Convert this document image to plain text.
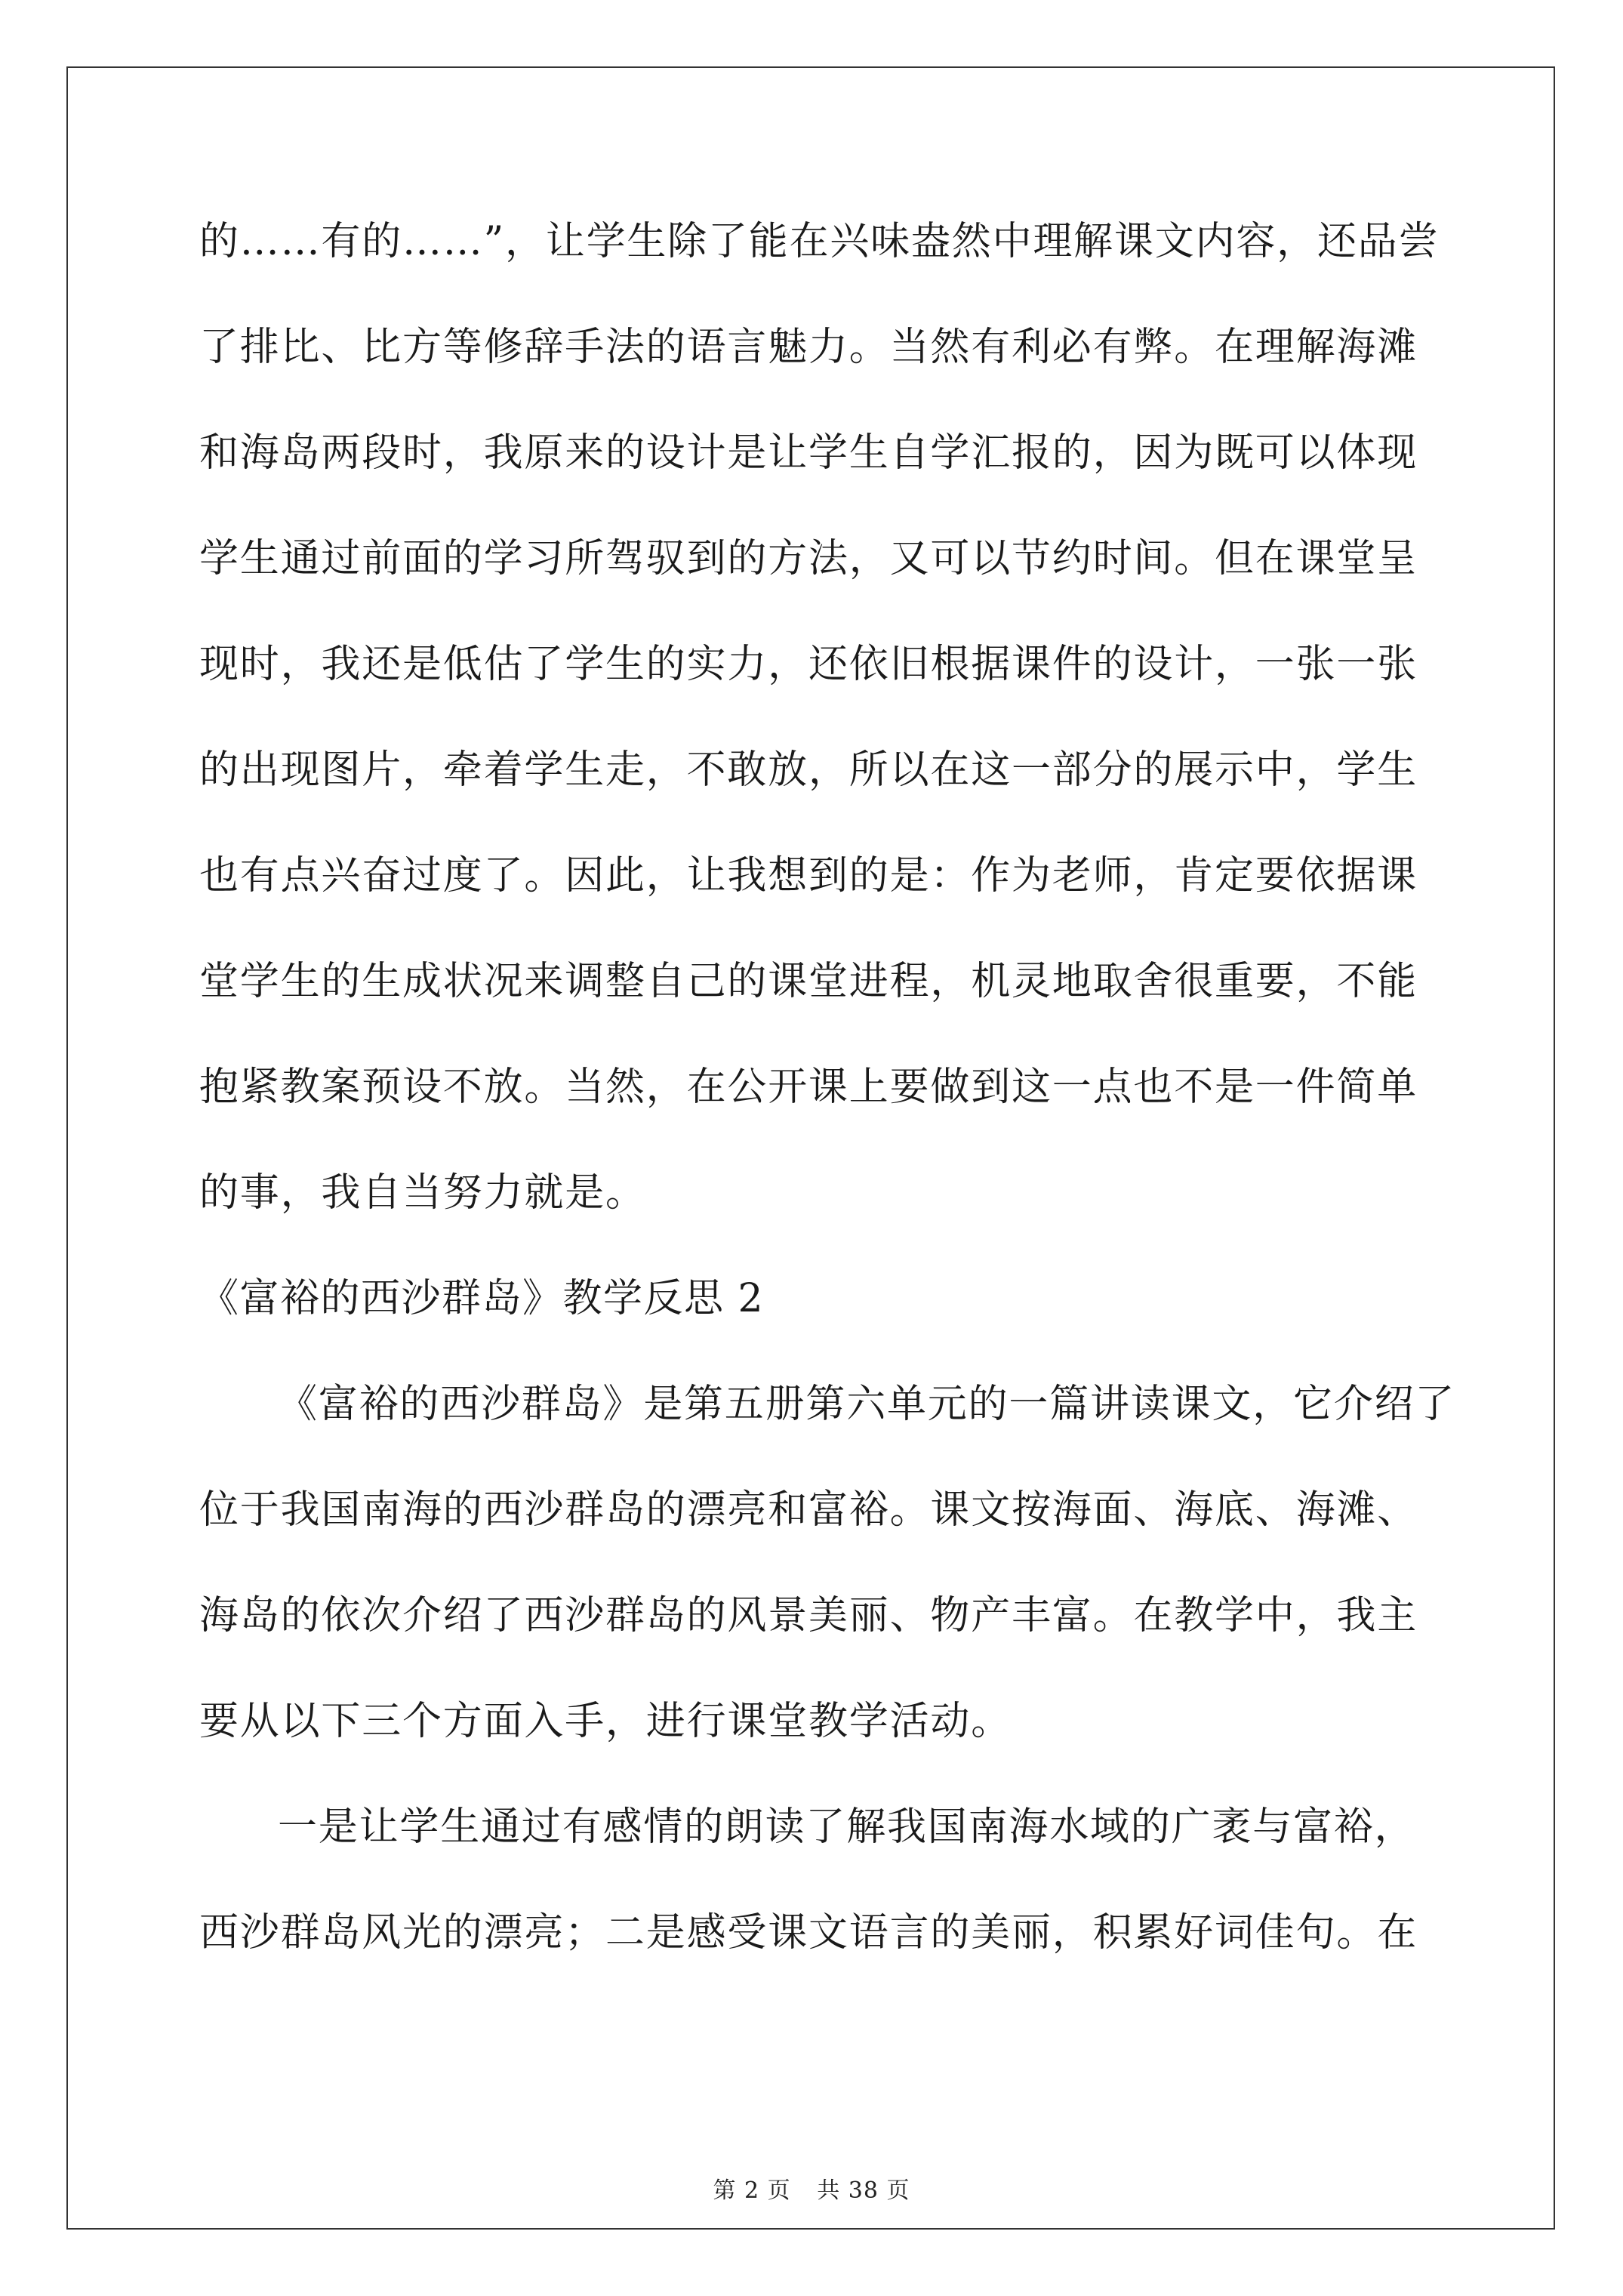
的……有的……”，让学生除了能在兴味盎然中理解课文内容，还品尝
了排比、比方等修辞手法的语言魅力。当然有利必有弊。在理解海滩
和海岛两段时，我原来的设计是让学生自学汇报的，因为既可以体现
学生通过前面的学习所驾驭到的方法，又可以节约时间。但在课堂呈
现时，我还是低估了学生的实力，还依旧根据课件的设计，一张一张
的出现图片，牵着学生走，不敢放，所以在这一部分的展示中，学生
也有点兴奋过度了。因此，让我想到的是：作为老师，肯定要依据课
堂学生的生成状况来调整自己的课堂进程，机灵地取舍很重要，不能
抱紧教案预设不放。当然，在公开课上要做到这一点也不是一件简单
的事，我自当努力就是。
《富裕的西沙群岛》教学反思 2
《富裕的西沙群岛》是第五册第六单元的一篇讲读课文，它介绍了
位于我国南海的西沙群岛的漂亮和富裕。课文按海面、海底、海滩、
海岛的依次介绍了西沙群岛的风景美丽、物产丰富。在教学中，我主
要从以下三个方面入手，进行课堂教学活动。
一是让学生通过有感情的朗读了解我国南海水域的广袤与富裕，
西沙群岛风光的漂亮；二是感受课文语言的美丽，积累好词佳句。在
第 2 页 共 38 页
